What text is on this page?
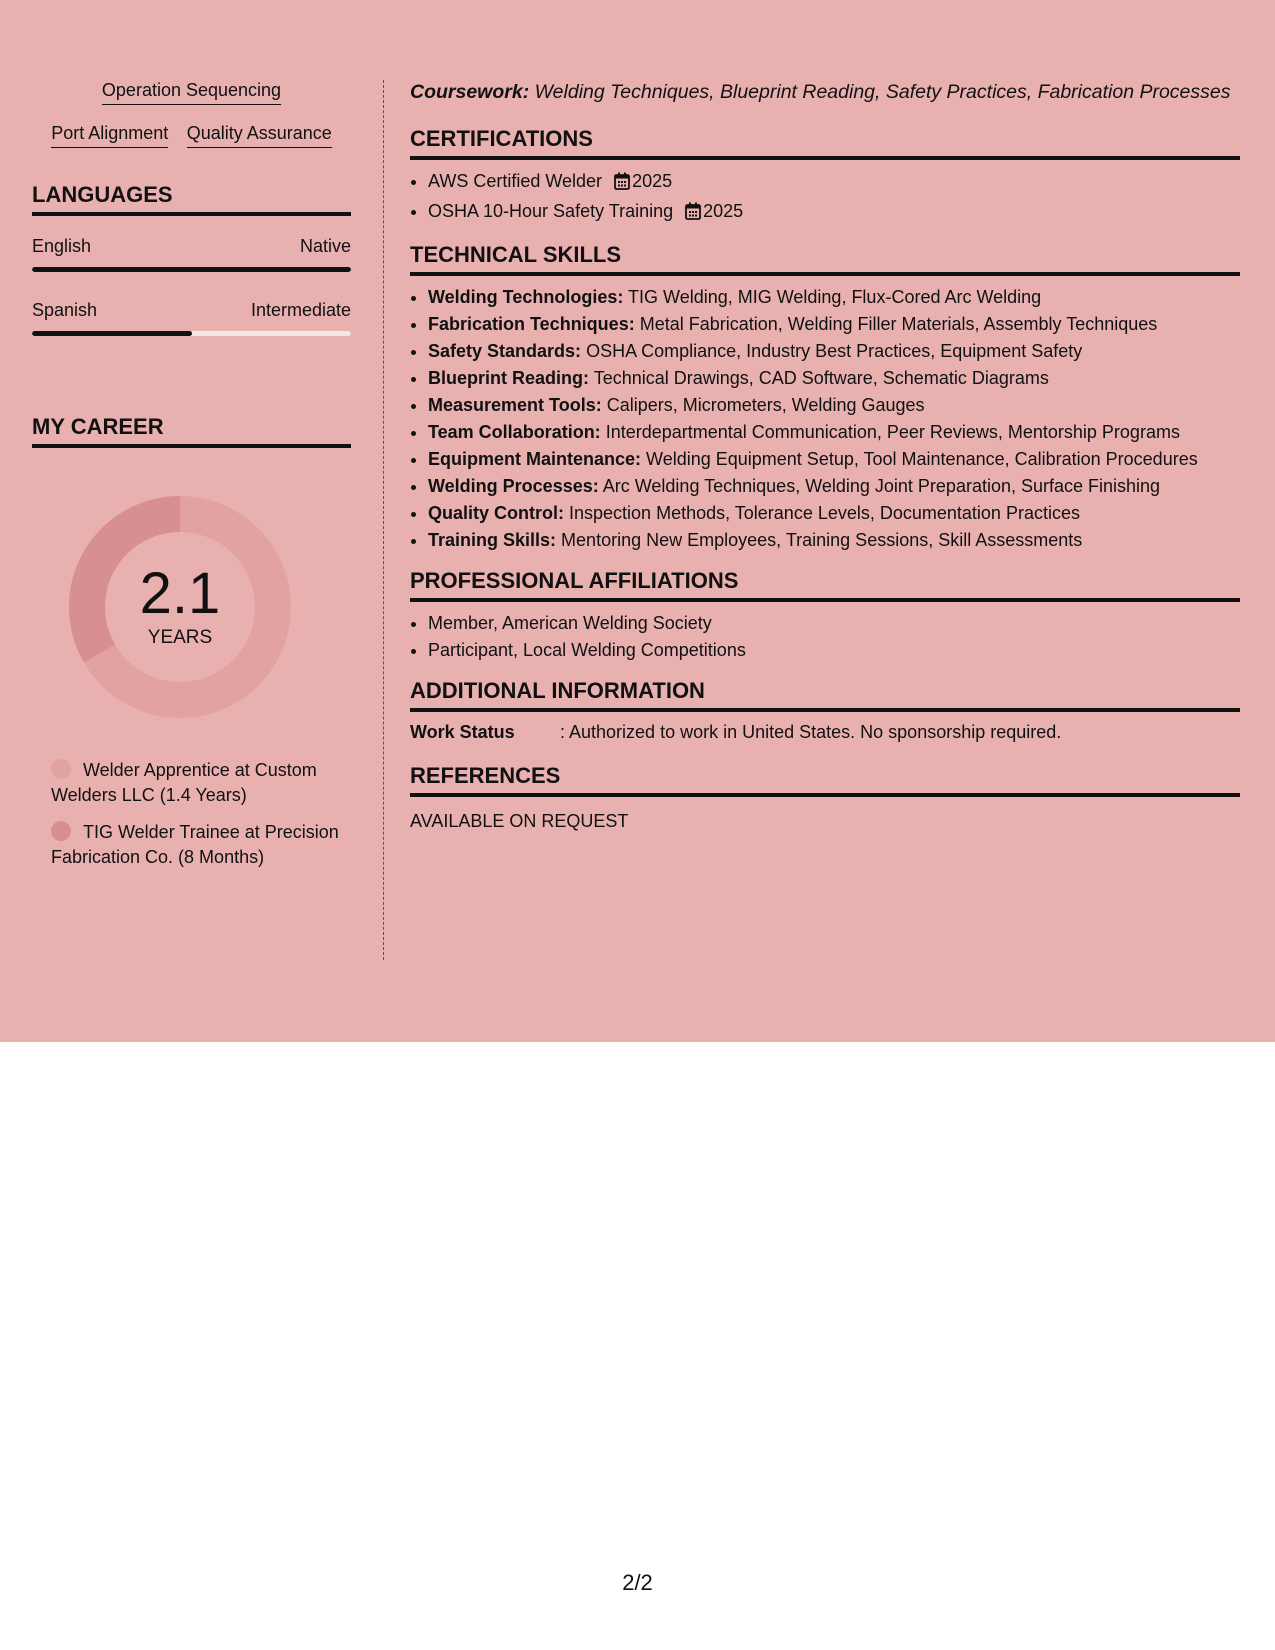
Operation Sequencing
Port Alignment Quality Assurance
LANGUAGES
English	Native
Spanish	Intermediate
MY CAREER
2.1
YEARS
Welder Apprentice at Custom Welders LLC (1.4 Years)
TIG Welder Trainee at Precision Fabrication Co. (8 Months)

Coursework: Welding Techniques, Blueprint Reading, Safety Practices, Fabrication Processes

CERTIFICATIONS
• AWS Certified Welder 2025
• OSHA 10-Hour Safety Training 2025
TECHNICAL SKILLS
• Welding Technologies: TIG Welding, MIG Welding, Flux-Cored Arc Welding
• Fabrication Techniques: Metal Fabrication, Welding Filler Materials, Assembly Techniques
• Safety Standards: OSHA Compliance, Industry Best Practices, Equipment Safety
• Blueprint Reading: Technical Drawings, CAD Software, Schematic Diagrams
• Measurement Tools: Calipers, Micrometers, Welding Gauges
• Team Collaboration: Interdepartmental Communication, Peer Reviews, Mentorship Programs
• Equipment Maintenance: Welding Equipment Setup, Tool Maintenance, Calibration Procedures
• Welding Processes: Arc Welding Techniques, Welding Joint Preparation, Surface Finishing
• Quality Control: Inspection Methods, Tolerance Levels, Documentation Practices
• Training Skills: Mentoring New Employees, Training Sessions, Skill Assessments
PROFESSIONAL AFFILIATIONS
• Member, American Welding Society
• Participant, Local Welding Competitions
ADDITIONAL INFORMATION
Work Status	: Authorized to work in United States. No sponsorship required.
REFERENCES
AVAILABLE ON REQUEST
2/2
